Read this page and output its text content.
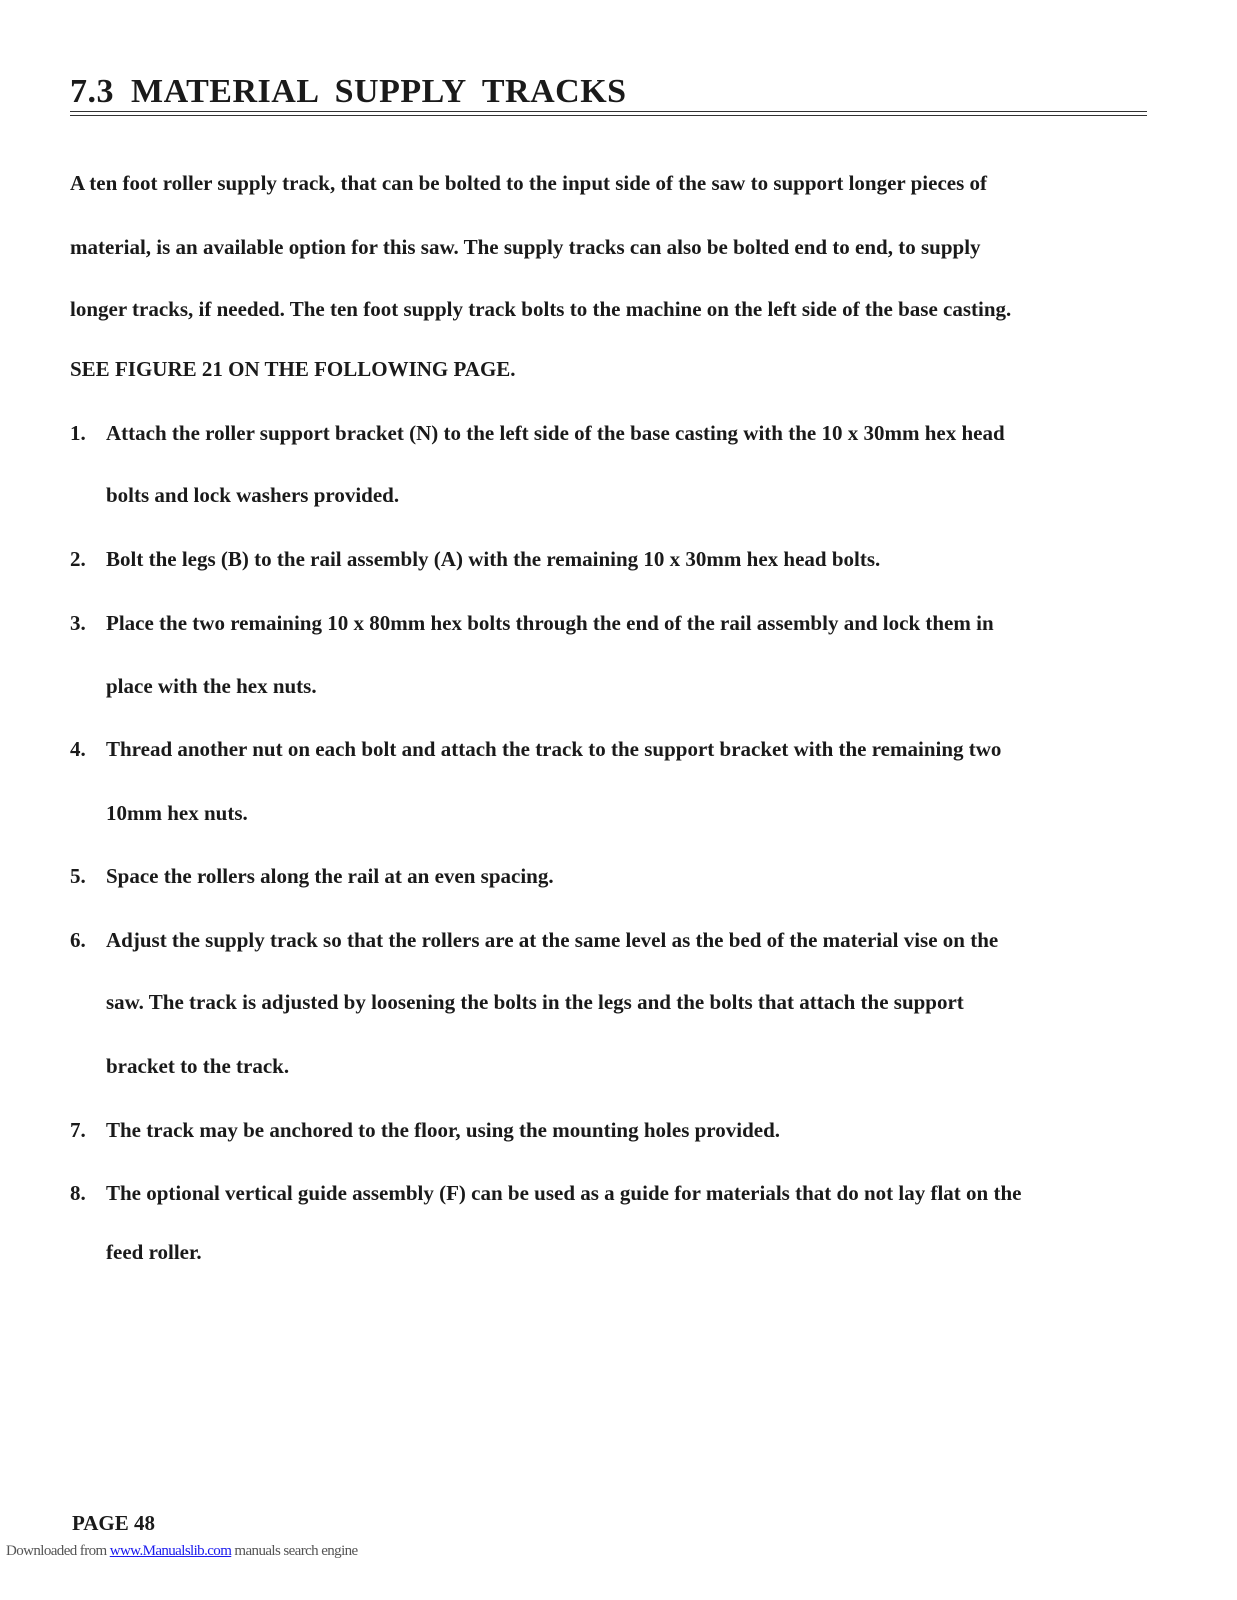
7.3 MATERIAL SUPPLY TRACKS

A ten foot roller supply track, that can be bolted to the input side of the saw to support longer pieces of

material, is an available option for this saw. The supply tracks can also be bolted end to end, to supply

longer tracks, if needed. The ten foot supply track bolts to the machine on the left side of the base casting.

SEE FIGURE 21 ON THE FOLLOWING PAGE.

1. Attach the roller support bracket (N) to the left side of the base casting with the 10 x 30mm hex head

bolts and lock washers provided.

2. Bolt the legs (B) to the rail assembly (A) with the remaining 10 x 30mm hex head bolts.

3. Place the two remaining 10 x 80mm hex bolts through the end of the rail assembly and lock them in

place with the hex nuts.

4. Thread another nut on each bolt and attach the track to the support bracket with the remaining two

10mm hex nuts.

5. Space the rollers along the rail at an even spacing.

6. Adjust the supply track so that the rollers are at the same level as the bed of the material vise on the

saw. The track is adjusted by loosening the bolts in the legs and the bolts that attach the support

bracket to the track.

7. The track may be anchored to the floor, using the mounting holes provided.

8. The optional vertical guide assembly (F) can be used as a guide for materials that do not lay flat on the

feed roller.

PAGE 48
Downloaded from www.Manualslib.com manuals search engine
